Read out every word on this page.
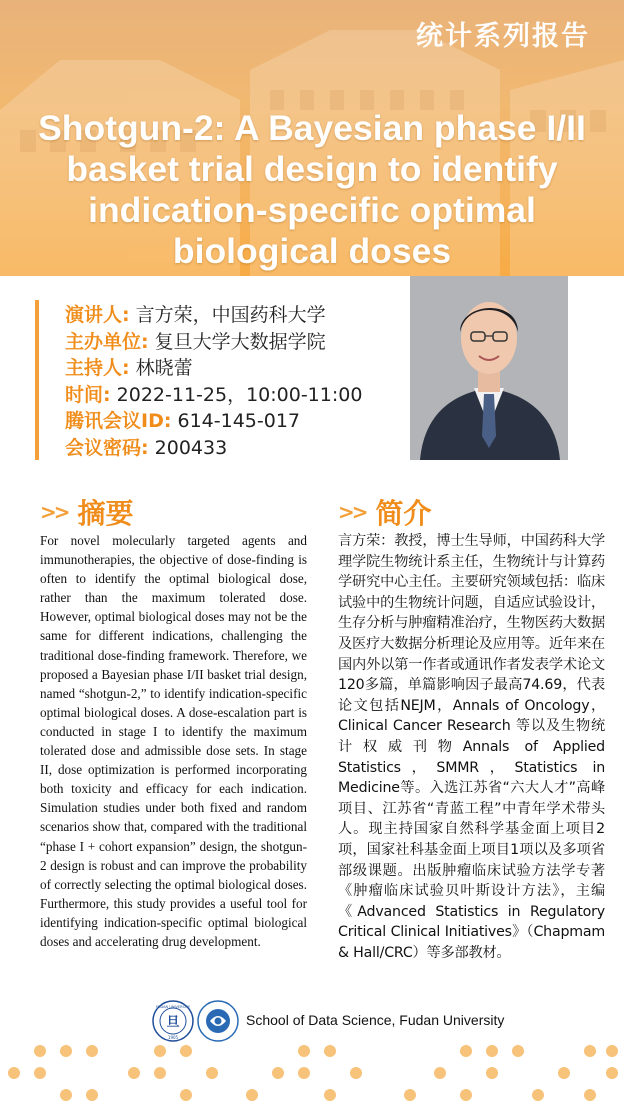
统计系列报告
Shotgun-2: A Bayesian phase I/II
basket trial design to identify
indication-specific optimal
biological doses
演讲人: 言方荣，中国药科大学
主办单位: 复旦大学大数据学院
主持人: 林晓蕾
时间: 2022-11-25，10:00-11:00
腾讯会议ID: 614-145-017
会议密码: 200433
>> 摘要	>> 简介
For novel molecularly targeted agents and immunotherapies, the objective of dose-finding is often to identify the optimal biological dose, rather than the maximum tolerated dose. However, optimal biological doses may not be the same for different indications, challenging the traditional dose-finding framework. Therefore, we proposed a Bayesian phase I/II basket trial design, named “shotgun-2,” to identify indication-specific optimal biological doses. A dose-escalation part is conducted in stage I to identify the maximum tolerated dose and admissible dose sets. In stage II, dose optimization is performed incorporating both toxicity and efficacy for each indication. Simulation studies under both fixed and random scenarios show that, compared with the traditional “phase I + cohort expansion” design, the shotgun-2 design is robust and can improve the probability of correctly selecting the optimal biological doses. Furthermore, this study provides a useful tool for identifying indication-specific optimal biological doses and accelerating drug development.
言方荣：教授，博士生导师，中国药科大学理学院生物统计系主任，生物统计与计算药学研究中心主任。主要研究领域包括：临床试验中的生物统计问题，自适应试验设计，生存分析与肿瘤精准治疗，生物医药大数据及医疗大数据分析理论及应用等。近年来在国内外以第一作者或通讯作者发表学术论文120多篇，单篇影响因子最高74.69，代表论文包括NEJM，Annals of Oncology，Clinical Cancer Research 等以及生物统计权威刊物Annals of Applied Statistics，SMMR，Statistics in Medicine等。入选江苏省“六大人才”高峰项目、江苏省“青蓝工程”中青年学术带头人。现主持国家自然科学基金面上项目2项，国家社科基金面上项目1项以及多项省部级课题。出版肿瘤临床试验方法学专著《肿瘤临床试验贝叶斯设计方法》，主编《Advanced Statistics in Regulatory Critical Clinical Initiatives》（Chapmam & Hall/CRC）等多部教材。
旦
FUDAN UNIVERSITY
1905
School of Data Science, Fudan University
